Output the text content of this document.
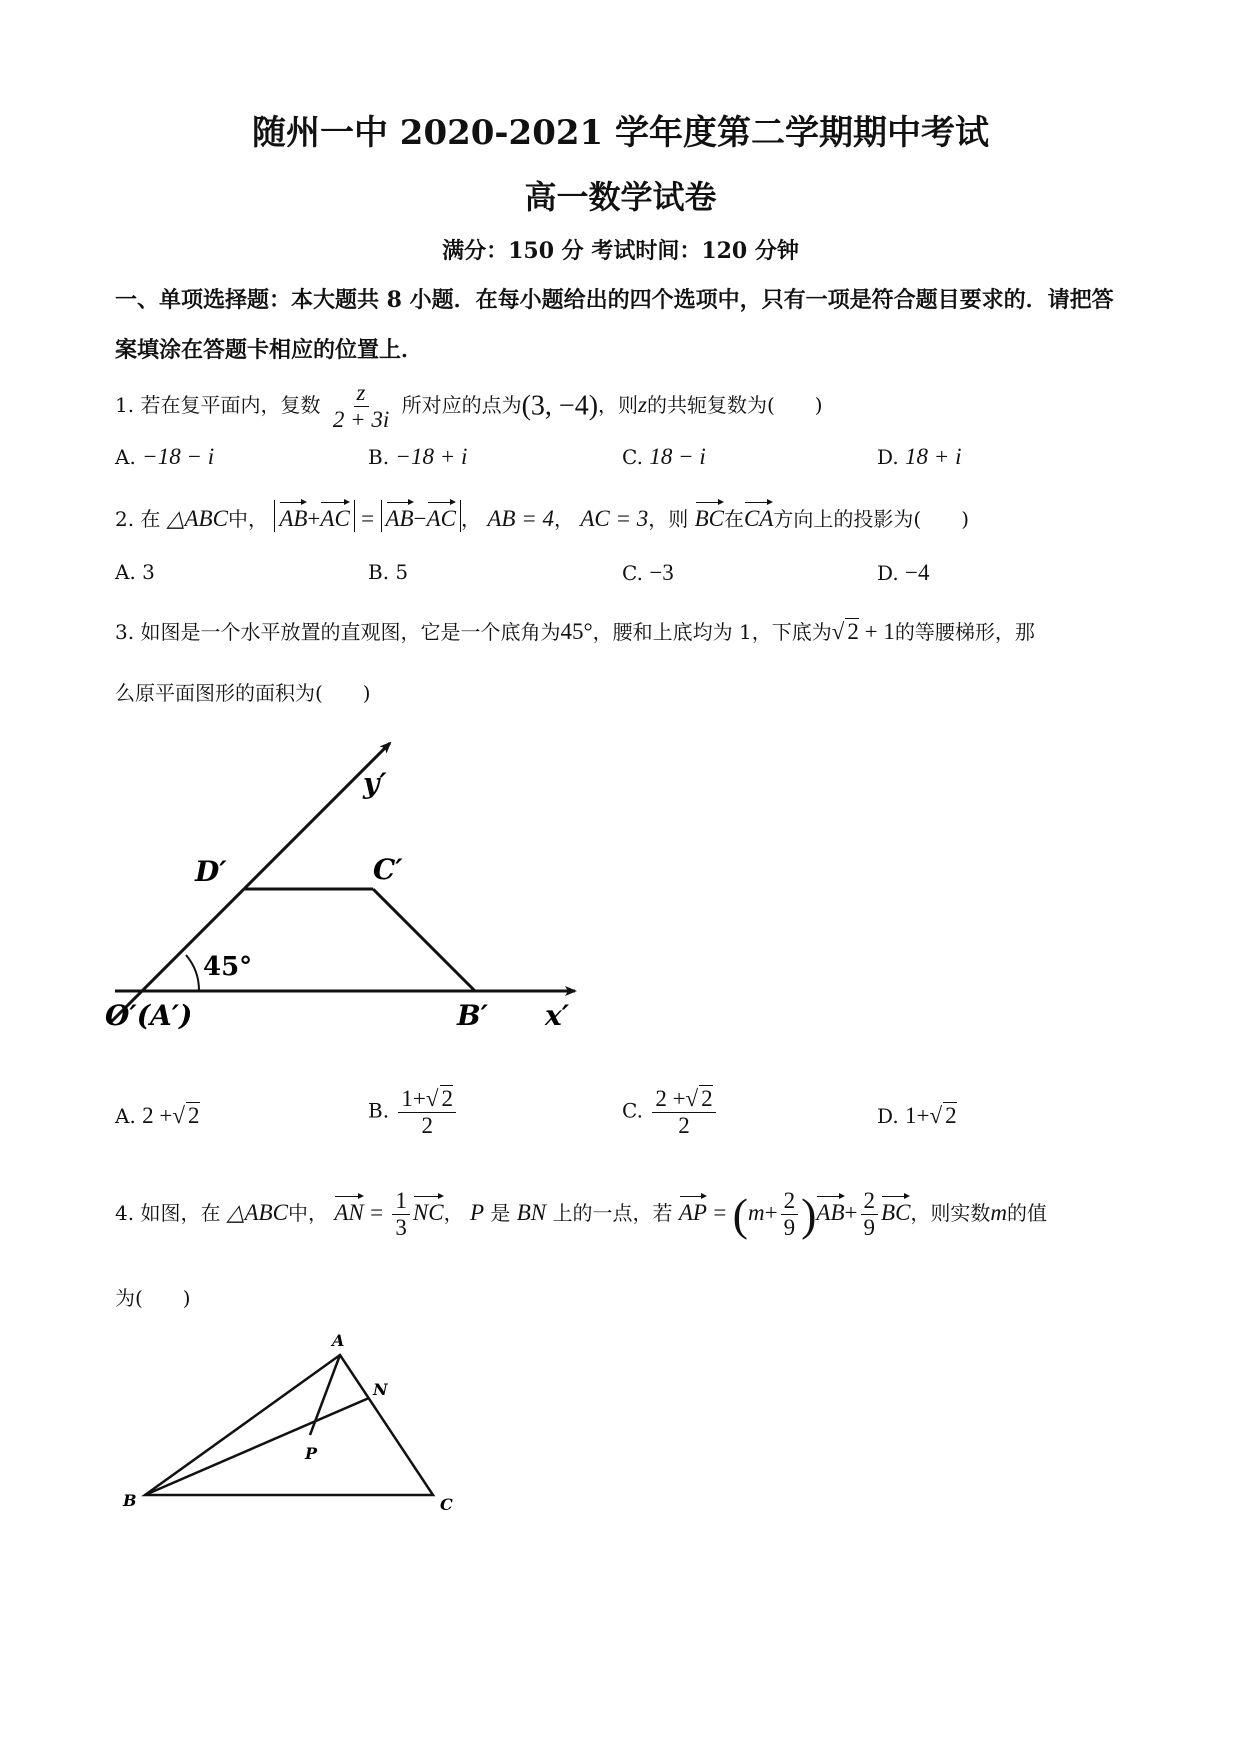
随州一中 2020-2021 学年度第二学期期中考试
高一数学试卷
满分：150 分 考试时间：120 分钟
一、单项选择题：本大题共 8 小题．在每小题给出的四个选项中，只有一项是符合题目要求的．请把答案填涂在答题卡相应的位置上．
1. 若在复平面内，复数 $\frac{z}{2 + 3i}$ 所对应的点为(3, −4)，则z的共轭复数为(　　)
A. −18 − i	B. −18 + i	C. 18 − i	D. 18 + i
2. 在 △ABC中， AB+AC = AB−AC ， AB = 4， AC = 3，则 BC在CA方向上的投影为(　　)
A. 3	B. 5	C. −3	D. −4
3. 如图是一个水平放置的直观图，它是一个底角为45°，腰和上底均为 1，下底为√ 2 + 1的等腰梯形，那
么原平面图形的面积为(　　)
y′
D′	C′
45°
O′(A′)	B′ x′
A. 2 +√ 2	B. $\frac{1+√ 2}{2}$	C. $\frac{2 +√ 2}{2}$	D. 1+√ 2
4. 如图，在 △ABC中， AN = $\frac{1}{3}$ NC， P 是 BN 上的一点，若 AP = $(m+ \frac{2}{9} )AB+ \frac{2}{9}$ BC，则实数m的值
为(　　)
A
N
P
B	C
